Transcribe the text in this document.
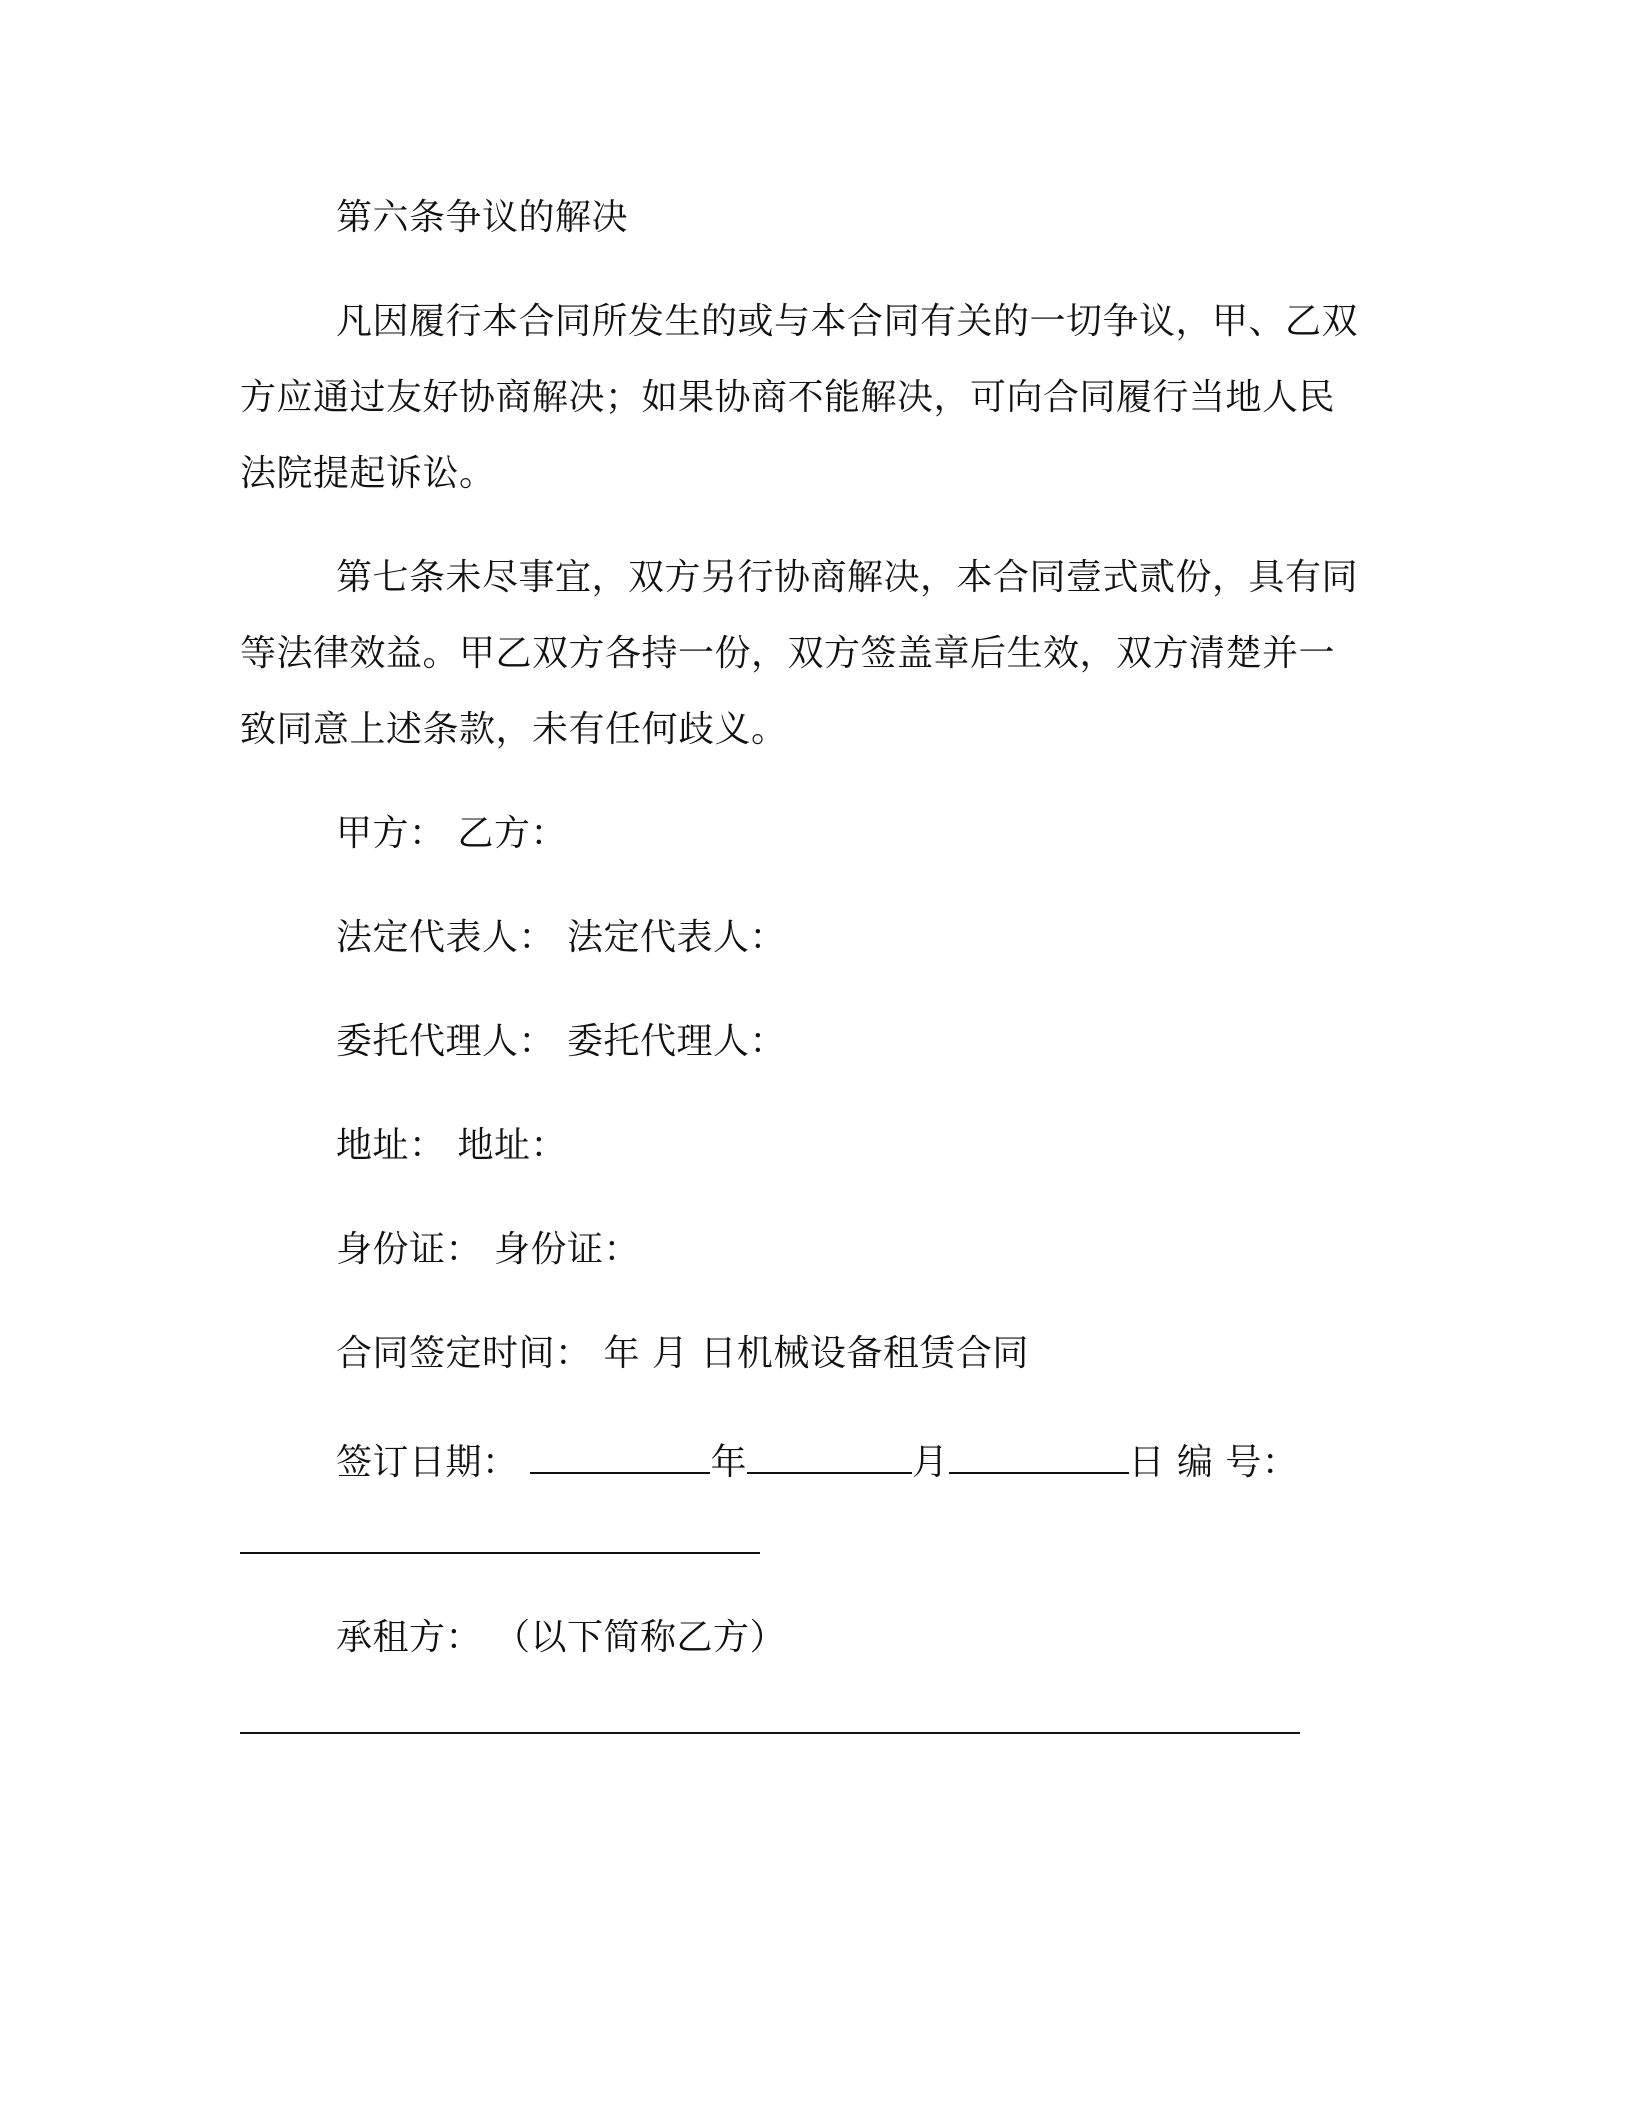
第六条争议的解决
凡因履行本合同所发生的或与本合同有关的一切争议，甲、乙双
方应通过友好协商解决；如果协商不能解决，可向合同履行当地人民
法院提起诉讼。
第七条未尽事宜，双方另行协商解决，本合同壹式贰份，具有同
等法律效益。甲乙双方各持一份，双方签盖章后生效，双方清楚并一
致同意上述条款，未有任何歧义。
甲方： 乙方：
法定代表人： 法定代表人：
委托代理人： 委托代理人：
地址： 地址：
身份证： 身份证：
合同签定时间： 年 月 日机械设备租赁合同
签订日期：	年	月	日 编 号：
承租方： （以下简称乙方）
